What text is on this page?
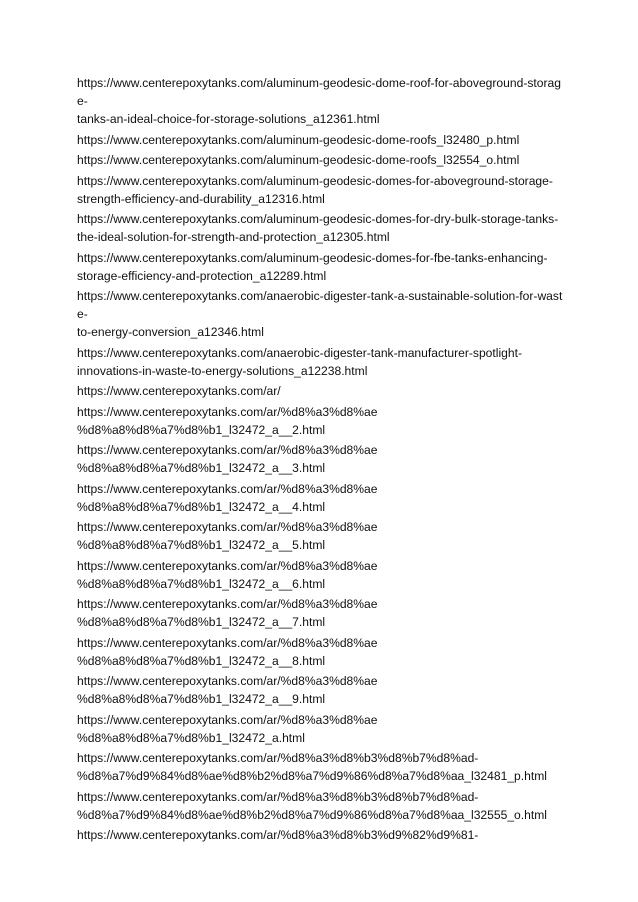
https://www.centerepoxytanks.com/aluminum-geodesic-dome-roof-for-aboveground-storage-
tanks-an-ideal-choice-for-storage-solutions_a12361.html
https://www.centerepoxytanks.com/aluminum-geodesic-dome-roofs_l32480_p.html
https://www.centerepoxytanks.com/aluminum-geodesic-dome-roofs_l32554_o.html
https://www.centerepoxytanks.com/aluminum-geodesic-domes-for-aboveground-storage-
strength-efficiency-and-durability_a12316.html
https://www.centerepoxytanks.com/aluminum-geodesic-domes-for-dry-bulk-storage-tanks-
the-ideal-solution-for-strength-and-protection_a12305.html
https://www.centerepoxytanks.com/aluminum-geodesic-domes-for-fbe-tanks-enhancing-
storage-efficiency-and-protection_a12289.html
https://www.centerepoxytanks.com/anaerobic-digester-tank-a-sustainable-solution-for-waste-
to-energy-conversion_a12346.html
https://www.centerepoxytanks.com/anaerobic-digester-tank-manufacturer-spotlight-
innovations-in-waste-to-energy-solutions_a12238.html
https://www.centerepoxytanks.com/ar/
https://www.centerepoxytanks.com/ar/%d8%a3%d8%ae
%d8%a8%d8%a7%d8%b1_l32472_a__2.html
https://www.centerepoxytanks.com/ar/%d8%a3%d8%ae
%d8%a8%d8%a7%d8%b1_l32472_a__3.html
https://www.centerepoxytanks.com/ar/%d8%a3%d8%ae
%d8%a8%d8%a7%d8%b1_l32472_a__4.html
https://www.centerepoxytanks.com/ar/%d8%a3%d8%ae
%d8%a8%d8%a7%d8%b1_l32472_a__5.html
https://www.centerepoxytanks.com/ar/%d8%a3%d8%ae
%d8%a8%d8%a7%d8%b1_l32472_a__6.html
https://www.centerepoxytanks.com/ar/%d8%a3%d8%ae
%d8%a8%d8%a7%d8%b1_l32472_a__7.html
https://www.centerepoxytanks.com/ar/%d8%a3%d8%ae
%d8%a8%d8%a7%d8%b1_l32472_a__8.html
https://www.centerepoxytanks.com/ar/%d8%a3%d8%ae
%d8%a8%d8%a7%d8%b1_l32472_a__9.html
https://www.centerepoxytanks.com/ar/%d8%a3%d8%ae
%d8%a8%d8%a7%d8%b1_l32472_a.html
https://www.centerepoxytanks.com/ar/%d8%a3%d8%b3%d8%b7%d8%ad-
%d8%a7%d9%84%d8%ae%d8%b2%d8%a7%d9%86%d8%a7%d8%aa_l32481_p.html
https://www.centerepoxytanks.com/ar/%d8%a3%d8%b3%d8%b7%d8%ad-
%d8%a7%d9%84%d8%ae%d8%b2%d8%a7%d9%86%d8%a7%d8%aa_l32555_o.html
https://www.centerepoxytanks.com/ar/%d8%a3%d8%b3%d9%82%d9%81-
